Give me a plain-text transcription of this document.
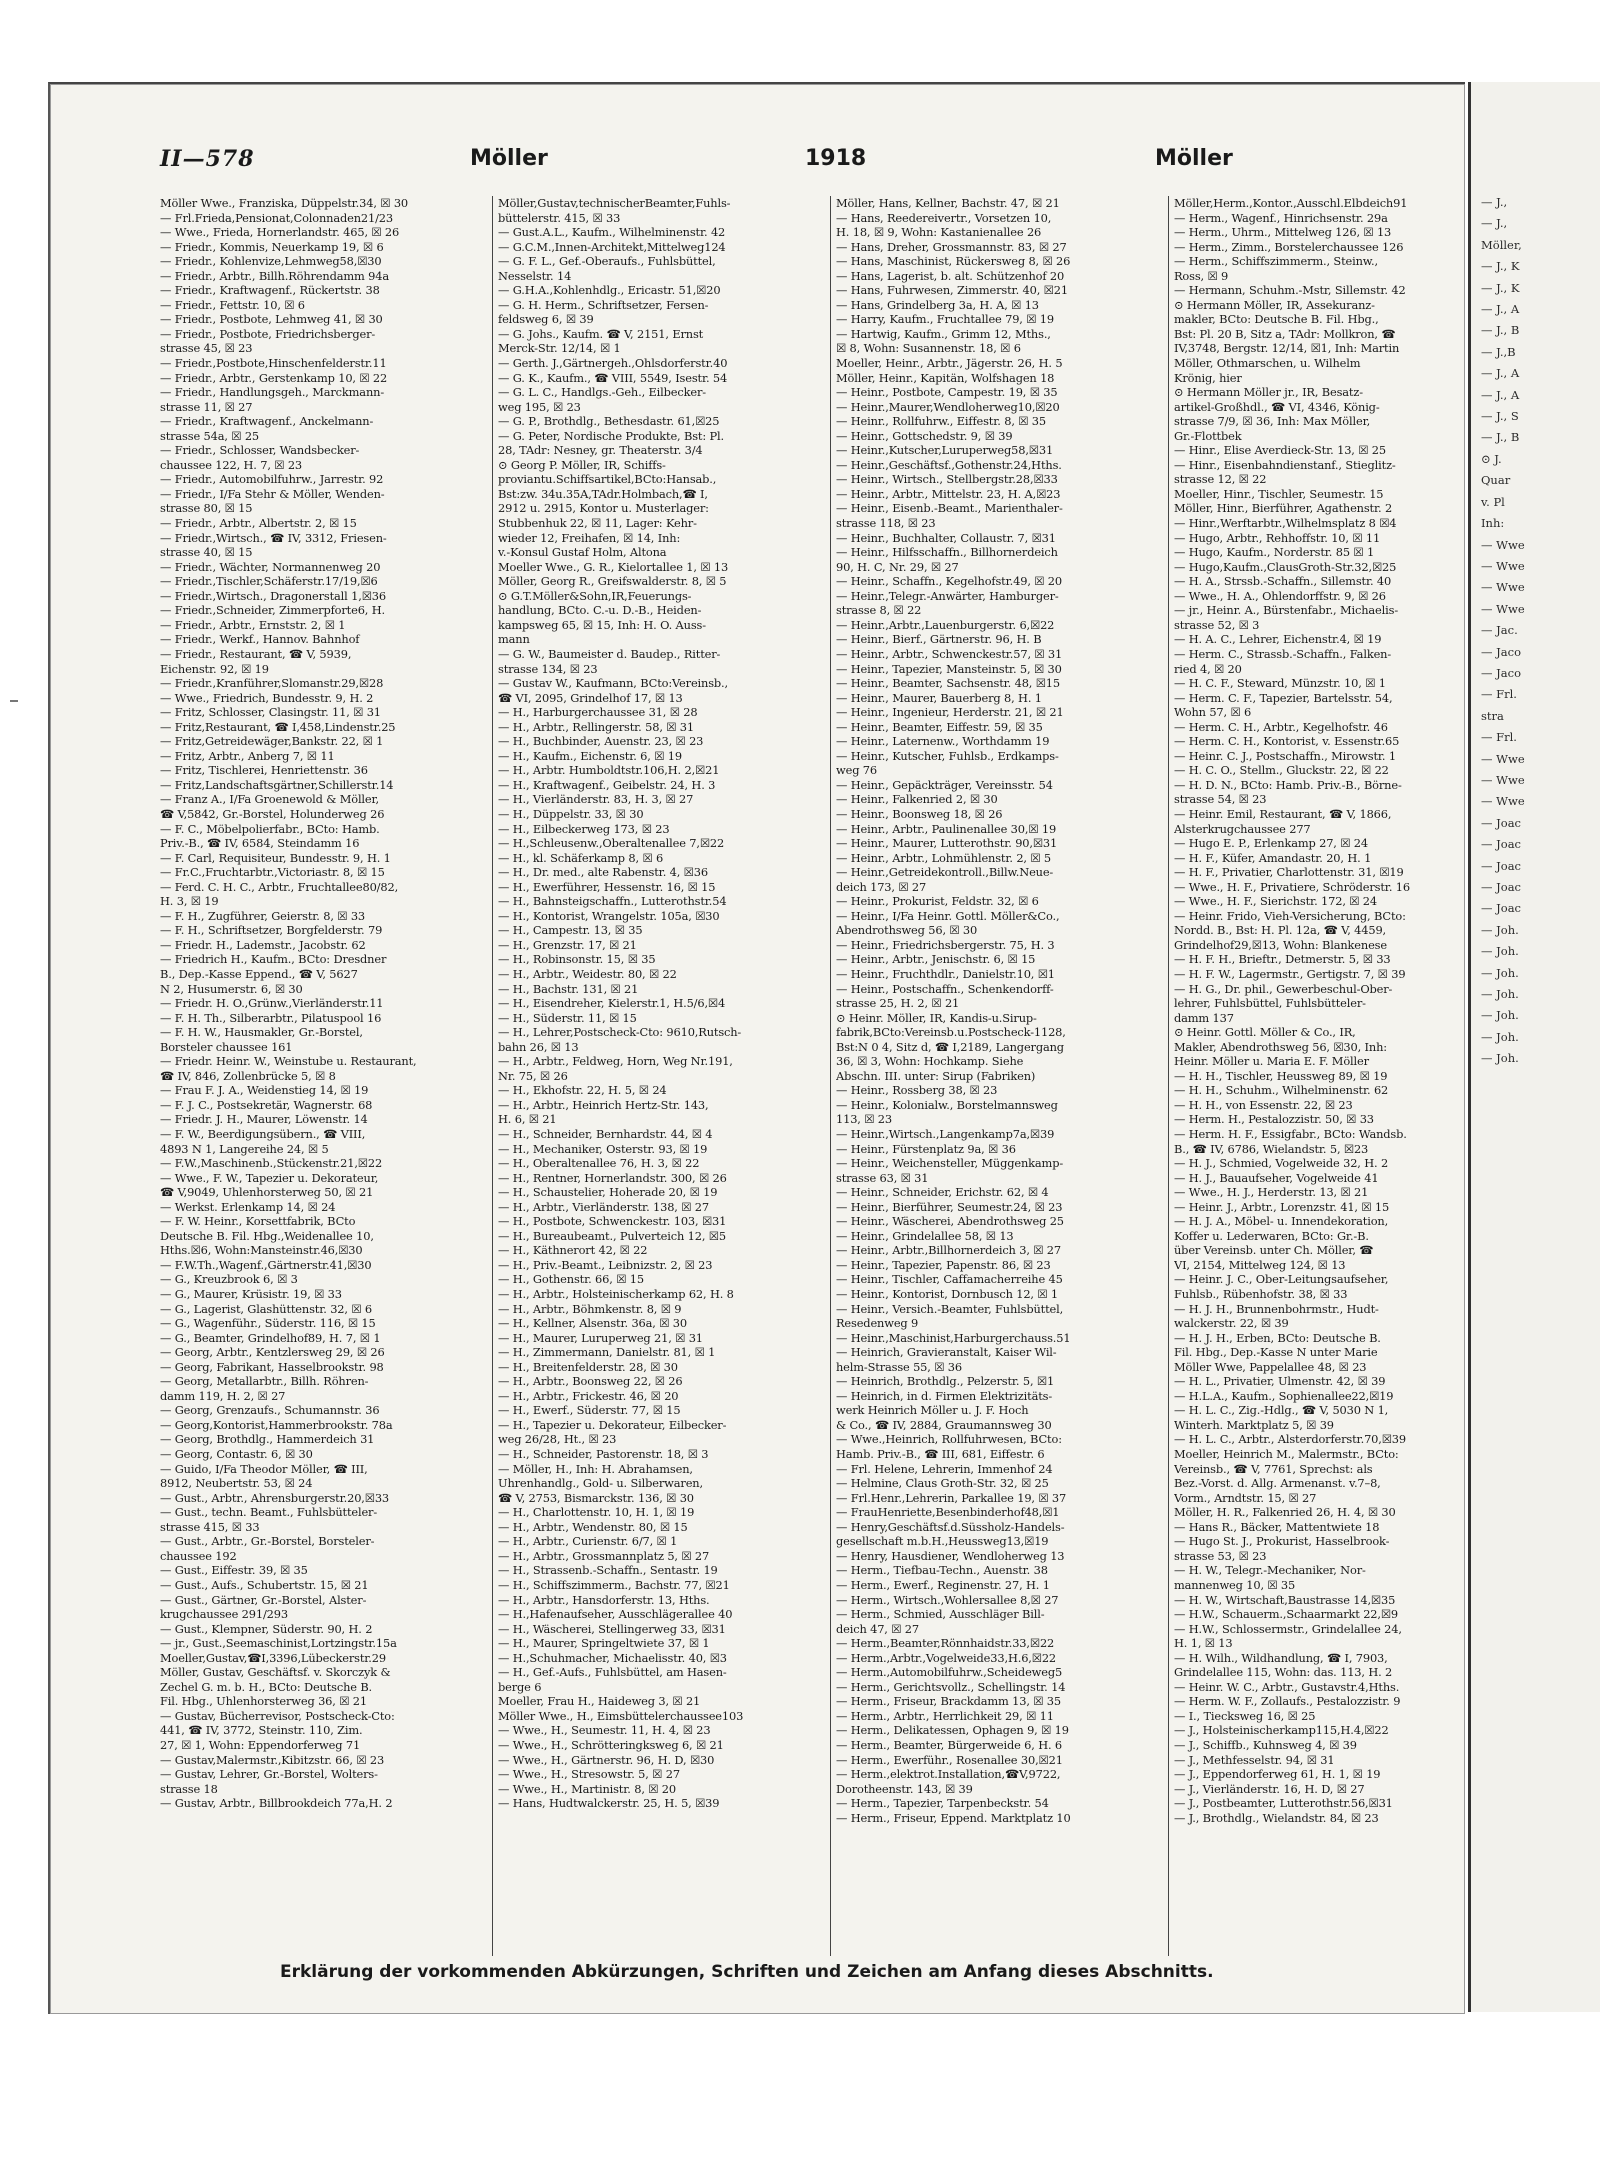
II—578	Möller	1918	Möller
Möller Wwe., Franziska, Düppelstr.34, ☒ 30
— Frl.Frieda,Pensionat,Colonnaden21/23
— Wwe., Frieda, Hornerlandstr. 465, ☒ 26
— Friedr., Kommis, Neuerkamp 19, ☒ 6
— Friedr., Kohlenvize,Lehmweg58,☒30
— Friedr., Arbtr., Billh.Röhrendamm 94a
— Friedr., Kraftwagenf., Rückertstr. 38
— Friedr., Fettstr. 10, ☒ 6
— Friedr., Postbote, Lehmweg 41, ☒ 30
— Friedr., Postbote, Friedrichsberger-
strasse 45, ☒ 23
— Friedr.,Postbote,Hinschenfelderstr.11
— Friedr., Arbtr., Gerstenkamp 10, ☒ 22
— Friedr., Handlungsgeh., Marckmann-
strasse 11, ☒ 27
— Friedr., Kraftwagenf., Anckelmann-
strasse 54a, ☒ 25
— Friedr., Schlosser, Wandsbecker-
chaussee 122, H. 7, ☒ 23
— Friedr., Automobilfuhrw., Jarrestr. 92
— Friedr., I/Fa Stehr & Möller, Wenden-
strasse 80, ☒ 15
— Friedr., Arbtr., Albertstr. 2, ☒ 15
— Friedr.,Wirtsch., ☎ IV, 3312, Friesen-
strasse 40, ☒ 15
— Friedr., Wächter, Normannenweg 20
— Friedr.,Tischler,Schäferstr.17/19,☒6
— Friedr.,Wirtsch., Dragonerstall 1,☒36
— Friedr.,Schneider, Zimmerpforte6, H.
— Friedr., Arbtr., Ernststr. 2, ☒ 1
— Friedr., Werkf., Hannov. Bahnhof
— Friedr., Restaurant, ☎ V, 5939,
Eichenstr. 92, ☒ 19
— Friedr.,Kranführer,Slomanstr.29,☒28
— Wwe., Friedrich, Bundesstr. 9, H. 2
— Fritz, Schlosser, Clasingstr. 11, ☒ 31
— Fritz,Restaurant, ☎ I,458,Lindenstr.25
— Fritz,Getreidewäger,Bankstr. 22, ☒ 1
— Fritz, Arbtr., Anberg 7, ☒ 11
— Fritz, Tischlerei, Henriettenstr. 36
— Fritz,Landschaftsgärtner,Schillerstr.14
— Franz A., I/Fa Groenewold & Möller,
☎ V,5842, Gr.-Borstel, Holunderweg 26
— F. C., Möbelpolierfabr., BCto: Hamb.
Priv.-B., ☎ IV, 6584, Steindamm 16
— F. Carl, Requisiteur, Bundesstr. 9, H. 1
— Fr.C.,Fruchtarbtr.,Victoriastr. 8, ☒ 15
— Ferd. C. H. C., Arbtr., Fruchtallee80/82,
H. 3, ☒ 19
— F. H., Zugführer, Geierstr. 8, ☒ 33
— F. H., Schriftsetzer, Borgfelderstr. 79
— Friedr. H., Lademstr., Jacobstr. 62
— Friedrich H., Kaufm., BCto: Dresdner
B., Dep.-Kasse Eppend., ☎ V, 5627
N 2, Husumerstr. 6, ☒ 30
— Friedr. H. O.,Grünw.,Vierländerstr.11
— F. H. Th., Silberarbtr., Pilatuspool 16
— F. H. W., Hausmakler, Gr.-Borstel,
Borsteler chaussee 161
— Friedr. Heinr. W., Weinstube u. Restaurant,
☎ IV, 846, Zollenbrücke 5, ☒ 8
— Frau F. J. A., Weidenstieg 14, ☒ 19
— F. J. C., Postsekretär, Wagnerstr. 68
— Friedr. J. H., Maurer, Löwenstr. 14
— F. W., Beerdigungsübern., ☎ VIII,
4893 N 1, Langereihe 24, ☒ 5
— F.W.,Maschinenb.,Stückenstr.21,☒22
— Wwe., F. W., Tapezier u. Dekorateur,
☎ V,9049, Uhlenhorsterweg 50, ☒ 21
— Werkst. Erlenkamp 14, ☒ 24
— F. W. Heinr., Korsettfabrik, BCto
Deutsche B. Fil. Hbg.,Weidenallee 10,
Hths.☒6, Wohn:Mansteinstr.46,☒30
— F.W.Th.,Wagenf.,Gärtnerstr.41,☒30
— G., Kreuzbrook 6, ☒ 3
— G., Maurer, Krüsistr. 19, ☒ 33
— G., Lagerist, Glashüttenstr. 32, ☒ 6
— G., Wagenführ., Süderstr. 116, ☒ 15
— G., Beamter, Grindelhof89, H. 7, ☒ 1
— Georg, Arbtr., Kentzlersweg 29, ☒ 26
— Georg, Fabrikant, Hasselbrookstr. 98
— Georg, Metallarbtr., Billh. Röhren-
damm 119, H. 2, ☒ 27
— Georg, Grenzaufs., Schumannstr. 36
— Georg,Kontorist,Hammerbrookstr. 78a
— Georg, Brothdlg., Hammerdeich 31
— Georg, Contastr. 6, ☒ 30
— Guido, I/Fa Theodor Möller, ☎ III,
8912, Neubertstr. 53, ☒ 24
— Gust., Arbtr., Ahrensburgerstr.20,☒33
— Gust., techn. Beamt., Fuhlsbütteler-
strasse 415, ☒ 33
— Gust., Arbtr., Gr.-Borstel, Borsteler-
chaussee 192
— Gust., Eiffestr. 39, ☒ 35
— Gust., Aufs., Schubertstr. 15, ☒ 21
— Gust., Gärtner, Gr.-Borstel, Alster-
krugchaussee 291/293
— Gust., Klempner, Süderstr. 90, H. 2
— jr., Gust.,Seemaschinist,Lortzingstr.15a
Moeller,Gustav,☎I,3396,Lübeckerstr.29
Möller, Gustav, Geschäftsf. v. Skorczyk &
Zechel G. m. b. H., BCto: Deutsche B.
Fil. Hbg., Uhlenhorsterweg 36, ☒ 21
— Gustav, Bücherrevisor, Postscheck-Cto:
441, ☎ IV, 3772, Steinstr. 110, Zim.
27, ☒ 1, Wohn: Eppendorferweg 71
— Gustav,Malermstr.,Kibitzstr. 66, ☒ 23
— Gustav, Lehrer, Gr.-Borstel, Wolters-
strasse 18
— Gustav, Arbtr., Billbrookdeich 77a,H. 2
Möller,Gustav,technischerBeamter,Fuhls-
büttelerstr. 415, ☒ 33
— Gust.A.L., Kaufm., Wilhelminenstr. 42
— G.C.M.,Innen-Architekt,Mittelweg124
— G. F. L., Gef.-Oberaufs., Fuhlsbüttel,
Nesselstr. 14
— G.H.A.,Kohlenhdlg., Ericastr. 51,☒20
— G. H. Herm., Schriftsetzer, Fersen-
feldsweg 6, ☒ 39
— G. Johs., Kaufm. ☎ V, 2151, Ernst
Merck-Str. 12/14, ☒ 1
— Gerth. J.,Gärtnergeh.,Ohlsdorferstr.40
— G. K., Kaufm., ☎ VIII, 5549, Isestr. 54
— G. L. C., Handlgs.-Geh., Eilbecker-
weg 195, ☒ 23
— G. P., Brothdlg., Bethesdastr. 61,☒25
— G. Peter, Nordische Produkte, Bst: Pl.
28, TAdr: Nesney, gr. Theaterstr. 3/4
⊙ Georg P. Möller, IR, Schiffs-
proviantu.Schiffsartikel,BCto:Hansab.,
Bst:zw. 34u.35A,TAdr.Holmbach,☎ I,
2912 u. 2915, Kontor u. Musterlager:
Stubbenhuk 22, ☒ 11, Lager: Kehr-
wieder 12, Freihafen, ☒ 14, Inh:
v.-Konsul Gustaf Holm, Altona
Moeller Wwe., G. R., Kielortallee 1, ☒ 13
Möller, Georg R., Greifswalderstr. 8, ☒ 5
⊙ G.T.Möller&Sohn,IR,Feuerungs-
handlung, BCto. C.-u. D.-B., Heiden-
kampsweg 65, ☒ 15, Inh: H. O. Auss-
mann
— G. W., Baumeister d. Baudep., Ritter-
strasse 134, ☒ 23
— Gustav W., Kaufmann, BCto:Vereinsb.,
☎ VI, 2095, Grindelhof 17, ☒ 13
— H., Harburgerchaussee 31, ☒ 28
— H., Arbtr., Rellingerstr. 58, ☒ 31
— H., Buchbinder, Auenstr. 23, ☒ 23
— H., Kaufm., Eichenstr. 6, ☒ 19
— H., Arbtr. Humboldtstr.106,H. 2,☒21
— H., Kraftwagenf., Geibelstr. 24, H. 3
— H., Vierländerstr. 83, H. 3, ☒ 27
— H., Düppelstr. 33, ☒ 30
— H., Eilbeckerweg 173, ☒ 23
— H.,Schleusenw.,Oberaltenallee 7,☒22
— H., kl. Schäferkamp 8, ☒ 6
— H., Dr. med., alte Rabenstr. 4, ☒36
— H., Ewerführer, Hessenstr. 16, ☒ 15
— H., Bahnsteigschaffn., Lutterothstr.54
— H., Kontorist, Wrangelstr. 105a, ☒30
— H., Campestr. 13, ☒ 35
— H., Grenzstr. 17, ☒ 21
— H., Robinsonstr. 15, ☒ 35
— H., Arbtr., Weidestr. 80, ☒ 22
— H., Bachstr. 131, ☒ 21
— H., Eisendreher, Kielerstr.1, H.5/6,☒4
— H., Süderstr. 11, ☒ 15
— H., Lehrer,Postscheck-Cto: 9610,Rutsch-
bahn 26, ☒ 13
— H., Arbtr., Feldweg, Horn, Weg Nr.191,
Nr. 75, ☒ 26
— H., Ekhofstr. 22, H. 5, ☒ 24
— H., Arbtr., Heinrich Hertz-Str. 143,
H. 6, ☒ 21
— H., Schneider, Bernhardstr. 44, ☒ 4
— H., Mechaniker, Osterstr. 93, ☒ 19
— H., Oberaltenallee 76, H. 3, ☒ 22
— H., Rentner, Hornerlandstr. 300, ☒ 26
— H., Schaustelier, Hoherade 20, ☒ 19
— H., Arbtr., Vierländerstr. 138, ☒ 27
— H., Postbote, Schwenckestr. 103, ☒31
— H., Bureaubeamt., Pulverteich 12, ☒5
— H., Käthnerort 42, ☒ 22
— H., Priv.-Beamt., Leibnizstr. 2, ☒ 23
— H., Gothenstr. 66, ☒ 15
— H., Arbtr., Holsteinischerkamp 62, H. 8
— H., Arbtr., Böhmkenstr. 8, ☒ 9
— H., Kellner, Alsenstr. 36a, ☒ 30
— H., Maurer, Luruperweg 21, ☒ 31
— H., Zimmermann, Danielstr. 81, ☒ 1
— H., Breitenfelderstr. 28, ☒ 30
— H., Arbtr., Boonsweg 22, ☒ 26
— H., Arbtr., Frickestr. 46, ☒ 20
— H., Ewerf., Süderstr. 77, ☒ 15
— H., Tapezier u. Dekorateur, Eilbecker-
weg 26/28, Ht., ☒ 23
— H., Schneider, Pastorenstr. 18, ☒ 3
— Möller, H., Inh: H. Abrahamsen,
Uhrenhandlg., Gold- u. Silberwaren,
☎ V, 2753, Bismarckstr. 136, ☒ 30
— H., Charlottenstr. 10, H. 1, ☒ 19
— H., Arbtr., Wendenstr. 80, ☒ 15
— H., Arbtr., Curienstr. 6/7, ☒ 1
— H., Arbtr., Grossmannplatz 5, ☒ 27
— H., Strassenb.-Schaffn., Sentastr. 19
— H., Schiffszimmerm., Bachstr. 77, ☒21
— H., Arbtr., Hansdorferstr. 13, Hths.
— H.,Hafenaufseher, Ausschlägerallee 40
— H., Wäscherei, Stellingerweg 33, ☒31
— H., Maurer, Springeltwiete 37, ☒ 1
— H.,Schuhmacher, Michaelisstr. 40, ☒3
— H., Gef.-Aufs., Fuhlsbüttel, am Hasen-
berge 6
Moeller, Frau H., Haideweg 3, ☒ 21
Möller Wwe., H., Eimsbüttelerchaussee103
— Wwe., H., Seumestr. 11, H. 4, ☒ 23
— Wwe., H., Schrötteringksweg 6, ☒ 21
— Wwe., H., Gärtnerstr. 96, H. D, ☒30
— Wwe., H., Stresowstr. 5, ☒ 27
— Wwe., H., Martinistr. 8, ☒ 20
— Hans, Hudtwalckerstr. 25, H. 5, ☒39
Möller, Hans, Kellner, Bachstr. 47, ☒ 21
— Hans, Reedereivertr., Vorsetzen 10,
H. 18, ☒ 9, Wohn: Kastanienallee 26
— Hans, Dreher, Grossmannstr. 83, ☒ 27
— Hans, Maschinist, Rückersweg 8, ☒ 26
— Hans, Lagerist, b. alt. Schützenhof 20
— Hans, Fuhrwesen, Zimmerstr. 40, ☒21
— Hans, Grindelberg 3a, H. A, ☒ 13
— Harry, Kaufm., Fruchtallee 79, ☒ 19
— Hartwig, Kaufm., Grimm 12, Mths.,
☒ 8, Wohn: Susannenstr. 18, ☒ 6
Moeller, Heinr., Arbtr., Jägerstr. 26, H. 5
Möller, Heinr., Kapitän, Wolfshagen 18
— Heinr., Postbote, Campestr. 19, ☒ 35
— Heinr.,Maurer,Wendloherweg10,☒20
— Heinr., Rollfuhrw., Eiffestr. 8, ☒ 35
— Heinr., Gottschedstr. 9, ☒ 39
— Heinr.,Kutscher,Luruperweg58,☒31
— Heinr.,Geschäftsf.,Gothenstr.24,Hths.
— Heinr., Wirtsch., Stellbergstr.28,☒33
— Heinr., Arbtr., Mittelstr. 23, H. A,☒23
— Heinr., Eisenb.-Beamt., Marienthaler-
strasse 118, ☒ 23
— Heinr., Buchhalter, Collaustr. 7, ☒31
— Heinr., Hilfsschaffn., Billhornerdeich
90, H. C, Nr. 29, ☒ 27
— Heinr., Schaffn., Kegelhofstr.49, ☒ 20
— Heinr.,Telegr.-Anwärter, Hamburger-
strasse 8, ☒ 22
— Heinr.,Arbtr.,Lauenburgerstr. 6,☒22
— Heinr., Bierf., Gärtnerstr. 96, H. B
— Heinr., Arbtr., Schwenckestr.57, ☒ 31
— Heinr., Tapezier, Mansteinstr. 5, ☒ 30
— Heinr., Beamter, Sachsenstr. 48, ☒15
— Heinr., Maurer, Bauerberg 8, H. 1
— Heinr., Ingenieur, Herderstr. 21, ☒ 21
— Heinr., Beamter, Eiffestr. 59, ☒ 35
— Heinr., Laternenw., Worthdamm 19
— Heinr., Kutscher, Fuhlsb., Erdkamps-
weg 76
— Heinr., Gepäckträger, Vereinsstr. 54
— Heinr., Falkenried 2, ☒ 30
— Heinr., Boonsweg 18, ☒ 26
— Heinr., Arbtr., Paulinenallee 30,☒ 19
— Heinr., Maurer, Lutterothstr. 90,☒31
— Heinr., Arbtr., Lohmühlenstr. 2, ☒ 5
— Heinr.,Getreidekontroll.,Billw.Neue-
deich 173, ☒ 27
— Heinr., Prokurist, Feldstr. 32, ☒ 6
— Heinr., I/Fa Heinr. Gottl. Möller&Co.,
Abendrothsweg 56, ☒ 30
— Heinr., Friedrichsbergerstr. 75, H. 3
— Heinr., Arbtr., Jenischstr. 6, ☒ 15
— Heinr., Fruchthdlr., Danielstr.10, ☒1
— Heinr., Postschaffn., Schenkendorff-
strasse 25, H. 2, ☒ 21
⊙ Heinr. Möller, IR, Kandis-u.Sirup-
fabrik,BCto:Vereinsb.u.Postscheck-1128,
Bst:N 0 4, Sitz d, ☎ I,2189, Langergang
36, ☒ 3, Wohn: Hochkamp. Siehe
Abschn. III. unter: Sirup (Fabriken)
— Heinr., Rossberg 38, ☒ 23
— Heinr., Kolonialw., Borstelmannsweg
113, ☒ 23
— Heinr.,Wirtsch.,Langenkamp7a,☒39
— Heinr., Fürstenplatz 9a, ☒ 36
— Heinr., Weichensteller, Müggenkamp-
strasse 63, ☒ 31
— Heinr., Schneider, Erichstr. 62, ☒ 4
— Heinr., Bierführer, Seumestr.24, ☒ 23
— Heinr., Wäscherei, Abendrothsweg 25
— Heinr., Grindelallee 58, ☒ 13
— Heinr., Arbtr.,Billhornerdeich 3, ☒ 27
— Heinr., Tapezier, Papenstr. 86, ☒ 23
— Heinr., Tischler, Caffamacherreihe 45
— Heinr., Kontorist, Dornbusch 12, ☒ 1
— Heinr., Versich.-Beamter, Fuhlsbüttel,
Resedenweg 9
— Heinr.,Maschinist,Harburgerchauss.51
— Heinrich, Gravieranstalt, Kaiser Wil-
helm-Strasse 55, ☒ 36
— Heinrich, Brothdlg., Pelzerstr. 5, ☒1
— Heinrich, in d. Firmen Elektrizitäts-
werk Heinrich Möller u. J. F. Hoch
& Co., ☎ IV, 2884, Graumannsweg 30
— Wwe.,Heinrich, Rollfuhrwesen, BCto:
Hamb. Priv.-B., ☎ III, 681, Eiffestr. 6
— Frl. Helene, Lehrerin, Immenhof 24
— Helmine, Claus Groth-Str. 32, ☒ 25
— Frl.Henr.,Lehrerin, Parkallee 19, ☒ 37
— FrauHenriette,Besenbinderhof48,☒1
— Henry,Geschäftsf.d.Süssholz-Handels-
gesellschaft m.b.H.,Heussweg13,☒19
— Henry, Hausdiener, Wendloherweg 13
— Herm., Tiefbau-Techn., Auenstr. 38
— Herm., Ewerf., Reginenstr. 27, H. 1
— Herm., Wirtsch.,Wohlersallee 8,☒ 27
— Herm., Schmied, Ausschläger Bill-
deich 47, ☒ 27
— Herm.,Beamter,Rönnhaidstr.33,☒22
— Herm.,Arbtr.,Vogelweide33,H.6,☒22
— Herm.,Automobilfuhrw.,Scheideweg5
— Herm., Gerichtsvollz., Schellingstr. 14
— Herm., Friseur, Brackdamm 13, ☒ 35
— Herm., Arbtr., Herrlichkeit 29, ☒ 11
— Herm., Delikatessen, Ophagen 9, ☒ 19
— Herm., Beamter, Bürgerweide 6, H. 6
— Herm., Ewerführ., Rosenallee 30,☒21
— Herm.,elektrot.Installation,☎V,9722,
Dorotheenstr. 143, ☒ 39
— Herm., Tapezier, Tarpenbeckstr. 54
— Herm., Friseur, Eppend. Marktplatz 10
Möller,Herm.,Kontor.,Ausschl.Elbdeich91
— Herm., Wagenf., Hinrichsenstr. 29a
— Herm., Uhrm., Mittelweg 126, ☒ 13
— Herm., Zimm., Borstelerchaussee 126
— Herm., Schiffszimmerm., Steinw.,
Ross, ☒ 9
— Hermann, Schuhm.-Mstr, Sillemstr. 42
⊙ Hermann Möller, IR, Assekuranz-
makler, BCto: Deutsche B. Fil. Hbg.,
Bst: Pl. 20 B, Sitz a, TAdr: Mollkron, ☎
IV,3748, Bergstr. 12/14, ☒1, Inh: Martin
Möller, Othmarschen, u. Wilhelm
Krönig, hier
⊙ Hermann Möller jr., IR, Besatz-
artikel-Großhdl., ☎ VI, 4346, König-
strasse 7/9, ☒ 36, Inh: Max Möller,
Gr.-Flottbek
— Hinr., Elise Averdieck-Str. 13, ☒ 25
— Hinr., Eisenbahndienstanf., Stieglitz-
strasse 12, ☒ 22
Moeller, Hinr., Tischler, Seumestr. 15
Möller, Hinr., Bierführer, Agathenstr. 2
— Hinr.,Werftarbtr.,Wilhelmsplatz 8 ☒4
— Hugo, Arbtr., Rehhoffstr. 10, ☒ 11
— Hugo, Kaufm., Norderstr. 85 ☒ 1
— Hugo,Kaufm.,ClausGroth-Str.32,☒25
— H. A., Strssb.-Schaffn., Sillemstr. 40
— Wwe., H. A., Ohlendorffstr. 9, ☒ 26
— jr., Heinr. A., Bürstenfabr., Michaelis-
strasse 52, ☒ 3
— H. A. C., Lehrer, Eichenstr.4, ☒ 19
— Herm. C., Strassb.-Schaffn., Falken-
ried 4, ☒ 20
— H. C. F., Steward, Münzstr. 10, ☒ 1
— Herm. C. F., Tapezier, Bartelsstr. 54,
Wohn 57, ☒ 6
— Herm. C. H., Arbtr., Kegelhofstr. 46
— Herm. C. H., Kontorist, v. Essenstr.65
— Heinr. C. J., Postschaffn., Mirowstr. 1
— H. C. O., Stellm., Gluckstr. 22, ☒ 22
— H. D. N., BCto: Hamb. Priv.-B., Börne-
strasse 54, ☒ 23
— Heinr. Emil, Restaurant, ☎ V, 1866,
Alsterkrugchaussee 277
— Hugo E. P., Erlenkamp 27, ☒ 24
— H. F., Küfer, Amandastr. 20, H. 1
— H. F., Privatier, Charlottenstr. 31, ☒19
— Wwe., H. F., Privatiere, Schröderstr. 16
— Wwe., H. F., Sierichstr. 172, ☒ 24
— Heinr. Frido, Vieh-Versicherung, BCto:
Nordd. B., Bst: H. Pl. 12a, ☎ V, 4459,
Grindelhof29,☒13, Wohn: Blankenese
— H. F. H., Brieftr., Detmerstr. 5, ☒ 33
— H. F. W., Lagermstr., Gertigstr. 7, ☒ 39
— H. G., Dr. phil., Gewerbeschul-Ober-
lehrer, Fuhlsbüttel, Fuhlsbütteler-
damm 137
⊙ Heinr. Gottl. Möller & Co., IR,
Makler, Abendrothsweg 56, ☒30, Inh:
Heinr. Möller u. Maria E. F. Möller
— H. H., Tischler, Heussweg 89, ☒ 19
— H. H., Schuhm., Wilhelminenstr. 62
— H. H., von Essenstr. 22, ☒ 23
— Herm. H., Pestalozzistr. 50, ☒ 33
— Herm. H. F., Essigfabr., BCto: Wandsb.
B., ☎ IV, 6786, Wielandstr. 5, ☒23
— H. J., Schmied, Vogelweide 32, H. 2
— H. J., Bauaufseher, Vogelweide 41
— Wwe., H. J., Herderstr. 13, ☒ 21
— Heinr. J., Arbtr., Lorenzstr. 41, ☒ 15
— H. J. A., Möbel- u. Innendekoration,
Koffer u. Lederwaren, BCto: Gr.-B.
über Vereinsb. unter Ch. Möller, ☎
VI, 2154, Mittelweg 124, ☒ 13
— Heinr. J. C., Ober-Leitungsaufseher,
Fuhlsb., Rübenhofstr. 38, ☒ 33
— H. J. H., Brunnenbohrmstr., Hudt-
walckerstr. 22, ☒ 39
— H. J. H., Erben, BCto: Deutsche B.
Fil. Hbg., Dep.-Kasse N unter Marie
Möller Wwe, Pappelallee 48, ☒ 23
— H. L., Privatier, Ulmenstr. 42, ☒ 39
— H.L.A., Kaufm., Sophienallee22,☒19
— H. L. C., Zig.-Hdlg., ☎ V, 5030 N 1,
Winterh. Marktplatz 5, ☒ 39
— H. L. C., Arbtr., Alsterdorferstr.70,☒39
Moeller, Heinrich M., Malermstr., BCto:
Vereinsb., ☎ V, 7761, Sprechst: als
Bez.-Vorst. d. Allg. Armenanst. v.7–8,
Vorm., Arndtstr. 15, ☒ 27
Möller, H. R., Falkenried 26, H. 4, ☒ 30
— Hans R., Bäcker, Mattentwiete 18
— Hugo St. J., Prokurist, Hasselbrook-
strasse 53, ☒ 23
— H. W., Telegr.-Mechaniker, Nor-
mannenweg 10, ☒ 35
— H. W., Wirtschaft,Baustrasse 14,☒35
— H.W., Schauerm.,Schaarmarkt 22,☒9
— H.W., Schlossermstr., Grindelallee 24,
H. 1, ☒ 13
— H. Wilh., Wildhandlung, ☎ I, 7903,
Grindelallee 115, Wohn: das. 113, H. 2
— Heinr. W. C., Arbtr., Gustavstr.4,Hths.
— Herm. W. F., Zollaufs., Pestalozzistr. 9
— I., Tiecksweg 16, ☒ 25
— J., Holsteinischerkamp115,H.4,☒22
— J., Schiffb., Kuhnsweg 4, ☒ 39
— J., Methfesselstr. 94, ☒ 31
— J., Eppendorferweg 61, H. 1, ☒ 19
— J., Vierländerstr. 16, H. D, ☒ 27
— J., Postbeamter, Lutterothstr.56,☒31
— J., Brothdlg., Wielandstr. 84, ☒ 23
Erklärung der vorkommenden Abkürzungen, Schriften und Zeichen am Anfang dieses Abschnitts.
— J.,
— J.,
Möller,
— J., K
— J., K
— J., A
— J., B
— J.,B
— J., A
— J., A
— J., S
— J., B
⊙ J.
Quar
v. Pl
Inh:
— Wwe
— Wwe
— Wwe
— Wwe
— Jac.
— Jaco
— Jaco
— Frl.
stra
— Frl.
— Wwe
— Wwe
— Wwe
— Joac
— Joac
— Joac
— Joac
— Joac
— Joh.
— Joh.
— Joh.
— Joh.
— Joh.
— Joh.
— Joh.
